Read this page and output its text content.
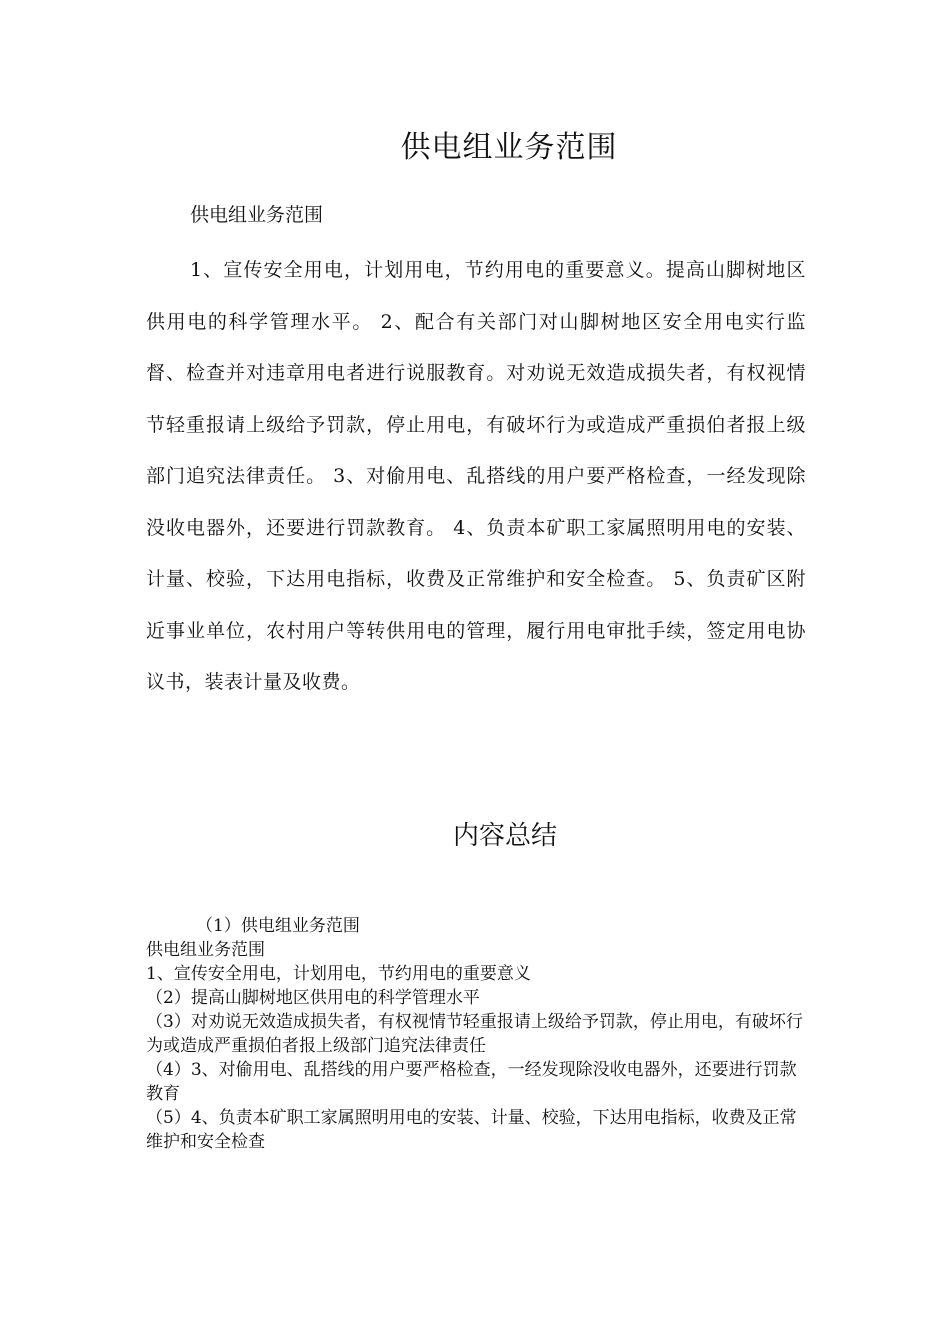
供电组业务范围

供电组业务范围

1、宣传安全用电，计划用电，节约用电的重要意义。提高山脚树地区供用电的科学管理水平。 2、配合有关部门对山脚树地区安全用电实行监督、检查并对违章用电者进行说服教育。对劝说无效造成损失者，有权视情节轻重报请上级给予罚款，停止用电，有破坏行为或造成严重损伯者报上级部门追究法律责任。 3、对偷用电、乱搭线的用户要严格检查，一经发现除没收电器外，还要进行罚款教育。 4、负责本矿职工家属照明用电的安装、计量、校验，下达用电指标，收费及正常维护和安全检查。 5、负责矿区附近事业单位，农村用户等转供用电的管理，履行用电审批手续，签定用电协议书，装表计量及收费。

内容总结
（1）供电组业务范围
供电组业务范围
1、宣传安全用电，计划用电，节约用电的重要意义
（2）提高山脚树地区供用电的科学管理水平
（3）对劝说无效造成损失者，有权视情节轻重报请上级给予罚款，停止用电，有破坏行为或造成严重损伯者报上级部门追究法律责任
（4）3、对偷用电、乱搭线的用户要严格检查，一经发现除没收电器外，还要进行罚款教育
（5）4、负责本矿职工家属照明用电的安装、计量、校验，下达用电指标，收费及正常维护和安全检查
